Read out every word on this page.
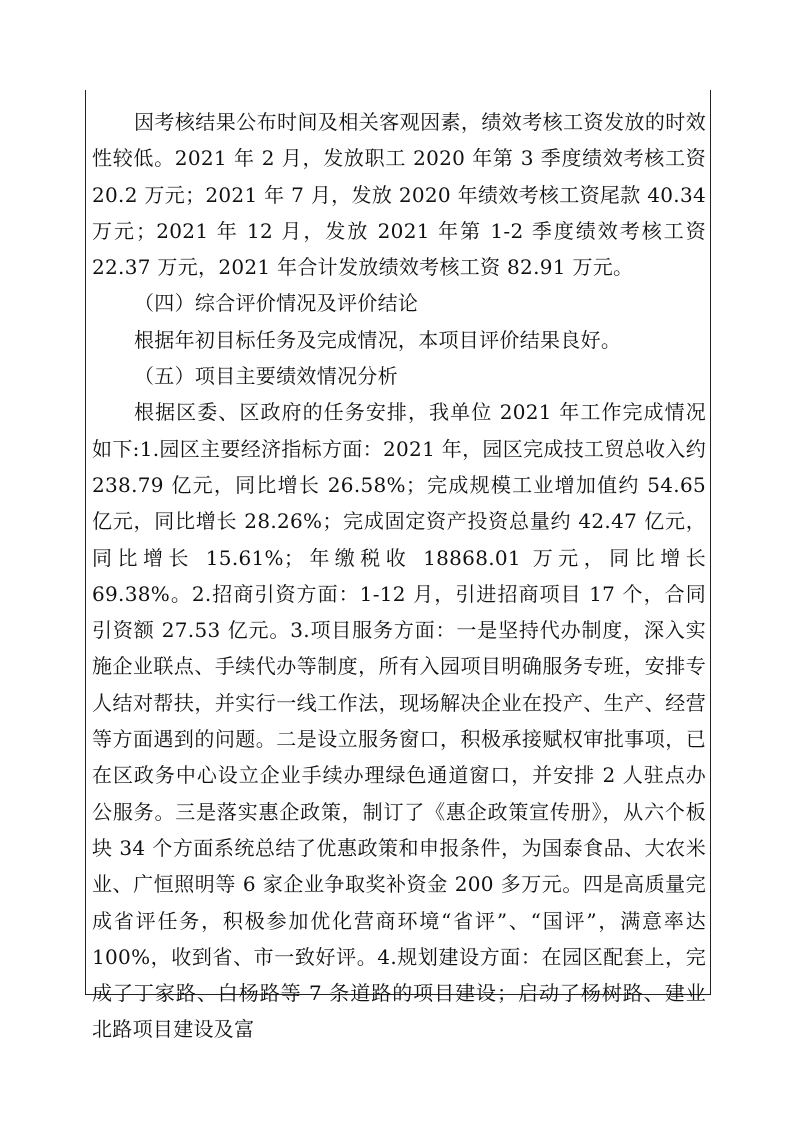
因考核结果公布时间及相关客观因素，绩效考核工资发放的时效性较低。2021 年 2 月，发放职工 2020 年第 3 季度绩效考核工资 20.2 万元；2021 年 7 月，发放 2020 年绩效考核工资尾款 40.34 万元；2021 年 12 月，发放 2021 年第 1-2 季度绩效考核工资 22.37 万元，2021 年合计发放绩效考核工资 82.91 万元。

（四）综合评价情况及评价结论

根据年初目标任务及完成情况，本项目评价结果良好。

（五）项目主要绩效情况分析

根据区委、区政府的任务安排，我单位 2021 年工作完成情况如下:1.园区主要经济指标方面：2021 年，园区完成技工贸总收入约 238.79 亿元，同比增长 26.58%；完成规模工业增加值约 54.65 亿元，同比增长 28.26%；完成固定资产投资总量约 42.47 亿元，同比增长 15.61%；年缴税收 18868.01 万元，同比增长 69.38%。2.招商引资方面：1-12 月，引进招商项目 17 个，合同引资额 27.53 亿元。3.项目服务方面：一是坚持代办制度，深入实施企业联点、手续代办等制度，所有入园项目明确服务专班，安排专人结对帮扶，并实行一线工作法，现场解决企业在投产、生产、经营等方面遇到的问题。二是设立服务窗口，积极承接赋权审批事项，已在区政务中心设立企业手续办理绿色通道窗口，并安排 2 人驻点办公服务。三是落实惠企政策，制订了《惠企政策宣传册》，从六个板块 34 个方面系统总结了优惠政策和申报条件，为国泰食品、大农米业、广恒照明等 6 家企业争取奖补资金 200 多万元。四是高质量完成省评任务，积极参加优化营商环境“省评”、“国评”，满意率达 100%，收到省、市一致好评。4.规划建设方面：在园区配套上，完成了丁家路、白杨路等 7 条道路的项目建设；启动了杨树路、建业北路项目建设及富
